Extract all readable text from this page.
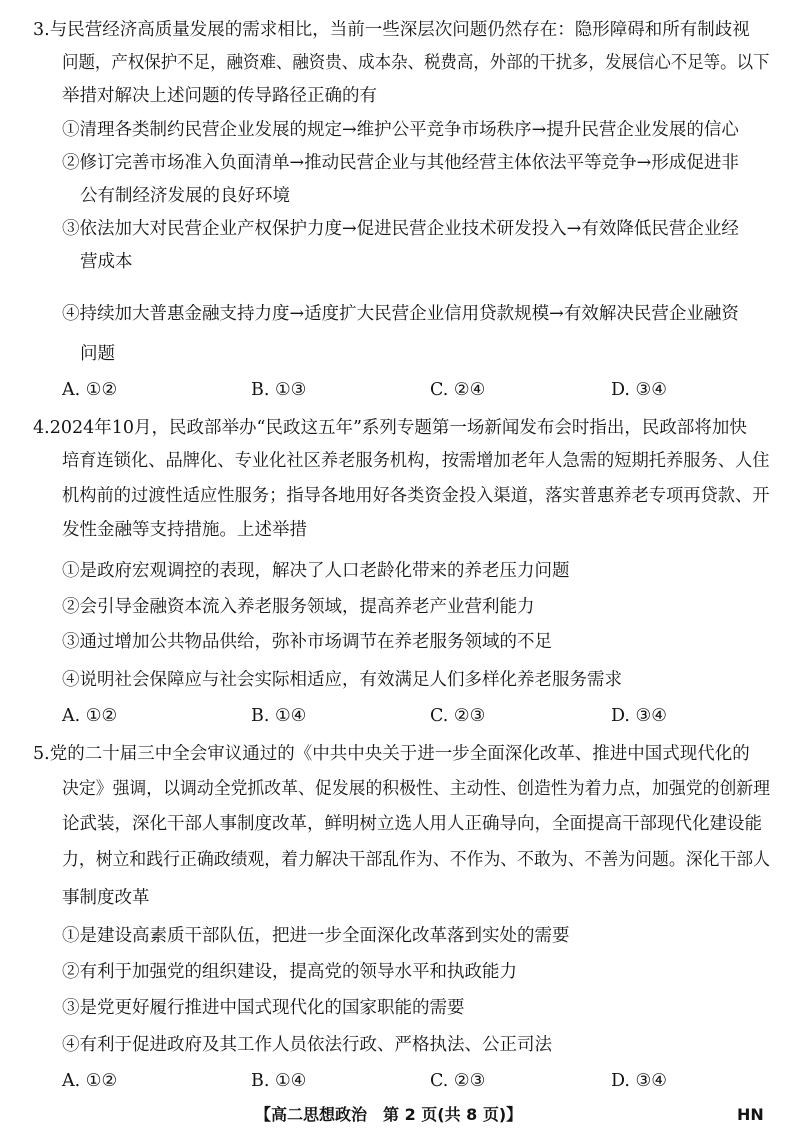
3.与民营经济高质量发展的需求相比，当前一些深层次问题仍然存在：隐形障碍和所有制歧视
问题，产权保护不足，融资难、融资贵、成本杂、税费高，外部的干扰多，发展信心不足等。以下
举措对解决上述问题的传导路径正确的有
①清理各类制约民营企业发展的规定→维护公平竞争市场秩序→提升民营企业发展的信心
②修订完善市场准入负面清单→推动民营企业与其他经营主体依法平等竞争→形成促进非
公有制经济发展的良好环境
③依法加大对民营企业产权保护力度→促进民营企业技术研发投入→有效降低民营企业经
营成本
④持续加大普惠金融支持力度→适度扩大民营企业信用贷款规模→有效解决民营企业融资
问题
A. ①②	B. ①③	C. ②④	D. ③④
4.2024年10月，民政部举办“民政这五年”系列专题第一场新闻发布会时指出，民政部将加快
培育连锁化、品牌化、专业化社区养老服务机构，按需增加老年人急需的短期托养服务、人住
机构前的过渡性适应性服务；指导各地用好各类资金投入渠道，落实普惠养老专项再贷款、开
发性金融等支持措施。上述举措
①是政府宏观调控的表现，解决了人口老龄化带来的养老压力问题
②会引导金融资本流入养老服务领域，提高养老产业营利能力
③通过增加公共物品供给，弥补市场调节在养老服务领域的不足
④说明社会保障应与社会实际相适应，有效满足人们多样化养老服务需求
A. ①②	B. ①④	C. ②③	D. ③④
5.党的二十届三中全会审议通过的《中共中央关于进一步全面深化改革、推进中国式现代化的
决定》强调，以调动全党抓改革、促发展的积极性、主动性、创造性为着力点，加强党的创新理
论武装，深化干部人事制度改革，鲜明树立选人用人正确导向，全面提高干部现代化建设能
力，树立和践行正确政绩观，着力解决干部乱作为、不作为、不敢为、不善为问题。深化干部人
事制度改革
①是建设高素质干部队伍，把进一步全面深化改革落到实处的需要
②有利于加强党的组织建设，提高党的领导水平和执政能力
③是党更好履行推进中国式现代化的国家职能的需要
④有利于促进政府及其工作人员依法行政、严格执法、公正司法
A. ①②	B. ①④	C. ②③	D. ③④
【高二思想政治　第 2 页(共 8 页)】	HN
